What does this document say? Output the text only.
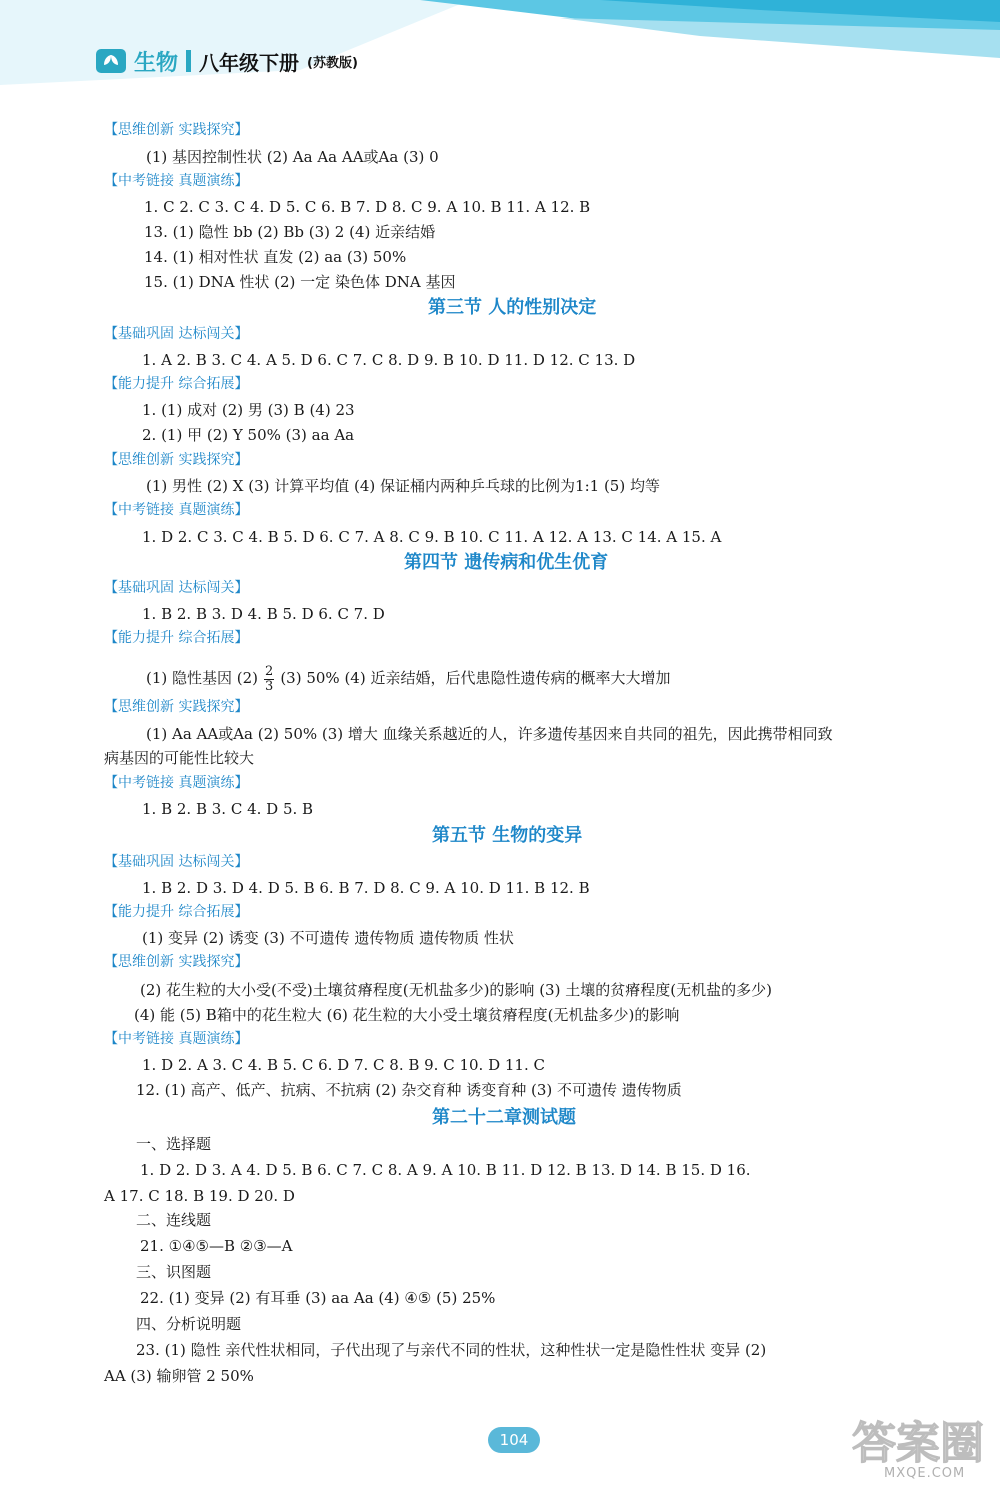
生物 八年级下册 (苏教版)
【思维创新 实践探究】
(1) 基因控制性状 (2) Aa Aa AA或Aa (3) 0
【中考链接 真题演练】
1. C 2. C 3. C 4. D 5. C 6. B 7. D 8. C 9. A 10. B 11. A 12. B
13. (1) 隐性 bb (2) Bb (3) 2 (4) 近亲结婚
14. (1) 相对性状 直发 (2) aa (3) 50%
15. (1) DNA 性状 (2) 一定 染色体 DNA 基因
第三节 人的性别决定
【基础巩固 达标闯关】
1. A 2. B 3. C 4. A 5. D 6. C 7. C 8. D 9. B 10. D 11. D 12. C 13. D
【能力提升 综合拓展】
1. (1) 成对 (2) 男 (3) B (4) 23
2. (1) 甲 (2) Y 50% (3) aa Aa
【思维创新 实践探究】
(1) 男性 (2) X (3) 计算平均值 (4) 保证桶内两种乒乓球的比例为1:1 (5) 均等
【中考链接 真题演练】
1. D 2. C 3. C 4. B 5. D 6. C 7. A 8. C 9. B 10. C 11. A 12. A 13. C 14. A 15. A
第四节 遗传病和优生优育
【基础巩固 达标闯关】
1. B 2. B 3. D 4. B 5. D 6. C 7. D
【能力提升 综合拓展】
(1) 隐性基因 $(2) \frac{2}{3} (3)$ 50% (4) 近亲结婚，后代患隐性遗传病的概率大大增加
【思维创新 实践探究】
(1) Aa AA或Aa (2) 50% (3) 增大 血缘关系越近的人，许多遗传基因来自共同的祖先，因此携带相同致
病基因的可能性比较大
【中考链接 真题演练】
1. B 2. B 3. C 4. D 5. B
第五节 生物的变异
【基础巩固 达标闯关】
1. B 2. D 3. D 4. D 5. B 6. B 7. D 8. C 9. A 10. D 11. B 12. B
【能力提升 综合拓展】
(1) 变异 (2) 诱变 (3) 不可遗传 遗传物质 遗传物质 性状
【思维创新 实践探究】
(2) 花生粒的大小受(不受)土壤贫瘠程度(无机盐多少)的影响 (3) 土壤的贫瘠程度(无机盐的多少)
(4) 能 (5) B箱中的花生粒大 (6) 花生粒的大小受土壤贫瘠程度(无机盐多少)的影响
【中考链接 真题演练】
1. D 2. A 3. C 4. B 5. C 6. D 7. C 8. B 9. C 10. D 11. C
12. (1) 高产、低产、抗病、不抗病 (2) 杂交育种 诱变育种 (3) 不可遗传 遗传物质
第二十二章测试题
一、选择题
1. D 2. D 3. A 4. D 5. B 6. C 7. C 8. A 9. A 10. B 11. D 12. B 13. D 14. B 15. D 16.
A 17. C 18. B 19. D 20. D
二、连线题
21. ①④⑤—B ②③—A
三、识图题
22. (1) 变异 (2) 有耳垂 (3) aa Aa (4) ④⑤ (5) 25%
四、分析说明题
23. (1) 隐性 亲代性状相同，子代出现了与亲代不同的性状，这种性状一定是隐性性状 变异 (2)
AA (3) 输卵管 2 50%
104	答案圈
MXQE.COM
